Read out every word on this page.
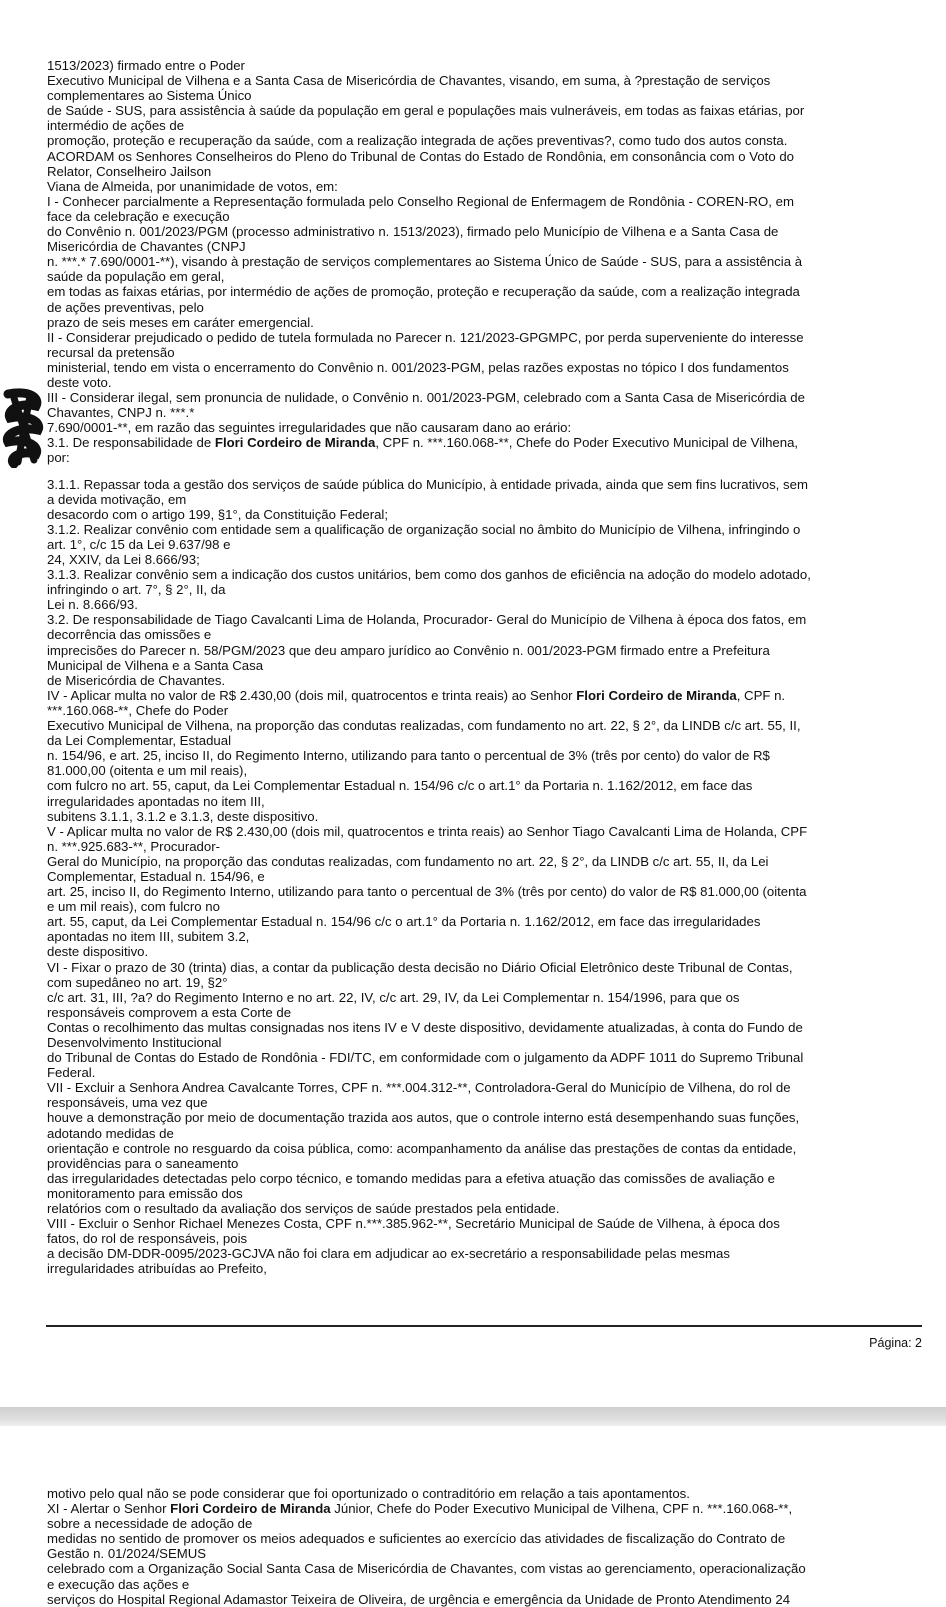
1513/2023) firmado entre o Poder
Executivo Municipal de Vilhena e a Santa Casa de Misericórdia de Chavantes, visando, em suma, à ?prestação de serviços
complementares ao Sistema Único
de Saúde - SUS, para assistência à saúde da população em geral e populações mais vulneráveis, em todas as faixas etárias, por
intermédio de ações de
promoção, proteção e recuperação da saúde, com a realização integrada de ações preventivas?, como tudo dos autos consta.
ACORDAM os Senhores Conselheiros do Pleno do Tribunal de Contas do Estado de Rondônia, em consonância com o Voto do
Relator, Conselheiro Jailson
Viana de Almeida, por unanimidade de votos, em:
I - Conhecer parcialmente a Representação formulada pelo Conselho Regional de Enfermagem de Rondônia - COREN-RO, em
face da celebração e execução
do Convênio n. 001/2023/PGM (processo administrativo n. 1513/2023), firmado pelo Município de Vilhena e a Santa Casa de
Misericórdia de Chavantes (CNPJ
n. ***.* 7.690/0001-**), visando à prestação de serviços complementares ao Sistema Único de Saúde - SUS, para a assistência à
saúde da população em geral,
em todas as faixas etárias, por intermédio de ações de promoção, proteção e recuperação da saúde, com a realização integrada
de ações preventivas, pelo
prazo de seis meses em caráter emergencial.
II - Considerar prejudicado o pedido de tutela formulada no Parecer n. 121/2023-GPGMPC, por perda superveniente do interesse
recursal da pretensão
ministerial, tendo em vista o encerramento do Convênio n. 001/2023-PGM, pelas razões expostas no tópico I dos fundamentos
deste voto.
III - Considerar ilegal, sem pronuncia de nulidade, o Convênio n. 001/2023-PGM, celebrado com a Santa Casa de Misericórdia de
Chavantes, CNPJ n. ***.*
7.690/0001-**, em razão das seguintes irregularidades que não causaram dano ao erário:
3.1. De responsabilidade de Flori Cordeiro de Miranda, CPF n. ***.160.068-**, Chefe do Poder Executivo Municipal de Vilhena,
por:
3.1.1. Repassar toda a gestão dos serviços de saúde pública do Município, à entidade privada, ainda que sem fins lucrativos, sem
a devida motivação, em
desacordo com o artigo 199, §1°, da Constituição Federal;
3.1.2. Realizar convênio com entidade sem a qualificação de organização social no âmbito do Município de Vilhena, infringindo o
art. 1°, c/c 15 da Lei 9.637/98 e
24, XXIV, da Lei 8.666/93;
3.1.3. Realizar convênio sem a indicação dos custos unitários, bem como dos ganhos de eficiência na adoção do modelo adotado,
infringindo o art. 7°, § 2°, II, da
Lei n. 8.666/93.
3.2. De responsabilidade de Tiago Cavalcanti Lima de Holanda, Procurador- Geral do Município de Vilhena à época dos fatos, em
decorrência das omissões e
imprecisões do Parecer n. 58/PGM/2023 que deu amparo jurídico ao Convênio n. 001/2023-PGM firmado entre a Prefeitura
Municipal de Vilhena e a Santa Casa
de Misericórdia de Chavantes.
IV - Aplicar multa no valor de R$ 2.430,00 (dois mil, quatrocentos e trinta reais) ao Senhor Flori Cordeiro de Miranda, CPF n.
***.160.068-**, Chefe do Poder
Executivo Municipal de Vilhena, na proporção das condutas realizadas, com fundamento no art. 22, § 2°, da LINDB c/c art. 55, II,
da Lei Complementar, Estadual
n. 154/96, e art. 25, inciso II, do Regimento Interno, utilizando para tanto o percentual de 3% (três por cento) do valor de R$
81.000,00 (oitenta e um mil reais),
com fulcro no art. 55, caput, da Lei Complementar Estadual n. 154/96 c/c o art.1° da Portaria n. 1.162/2012, em face das
irregularidades apontadas no item III,
subitens 3.1.1, 3.1.2 e 3.1.3, deste dispositivo.
V - Aplicar multa no valor de R$ 2.430,00 (dois mil, quatrocentos e trinta reais) ao Senhor Tiago Cavalcanti Lima de Holanda, CPF
n. ***.925.683-**, Procurador-
Geral do Município, na proporção das condutas realizadas, com fundamento no art. 22, § 2°, da LINDB c/c art. 55, II, da Lei
Complementar, Estadual n. 154/96, e
art. 25, inciso II, do Regimento Interno, utilizando para tanto o percentual de 3% (três por cento) do valor de R$ 81.000,00 (oitenta
e um mil reais), com fulcro no
art. 55, caput, da Lei Complementar Estadual n. 154/96 c/c o art.1° da Portaria n. 1.162/2012, em face das irregularidades
apontadas no item III, subitem 3.2,
deste dispositivo.
VI - Fixar o prazo de 30 (trinta) dias, a contar da publicação desta decisão no Diário Oficial Eletrônico deste Tribunal de Contas,
com supedâneo no art. 19, §2°
c/c art. 31, III, ?a? do Regimento Interno e no art. 22, IV, c/c art. 29, IV, da Lei Complementar n. 154/1996, para que os
responsáveis comprovem a esta Corte de
Contas o recolhimento das multas consignadas nos itens IV e V deste dispositivo, devidamente atualizadas, à conta do Fundo de
Desenvolvimento Institucional
do Tribunal de Contas do Estado de Rondônia - FDI/TC, em conformidade com o julgamento da ADPF 1011 do Supremo Tribunal
Federal.
VII - Excluir a Senhora Andrea Cavalcante Torres, CPF n. ***.004.312-**, Controladora-Geral do Município de Vilhena, do rol de
responsáveis, uma vez que
houve a demonstração por meio de documentação trazida aos autos, que o controle interno está desempenhando suas funções,
adotando medidas de
orientação e controle no resguardo da coisa pública, como: acompanhamento da análise das prestações de contas da entidade,
providências para o saneamento
das irregularidades detectadas pelo corpo técnico, e tomando medidas para a efetiva atuação das comissões de avaliação e
monitoramento para emissão dos
relatórios com o resultado da avaliação dos serviços de saúde prestados pela entidade.
VIII - Excluir o Senhor Richael Menezes Costa, CPF n.***.385.962-**, Secretário Municipal de Saúde de Vilhena, à época dos
fatos, do rol de responsáveis, pois
a decisão DM-DDR-0095/2023-GCJVA não foi clara em adjudicar ao ex-secretário a responsabilidade pelas mesmas
irregularidades atribuídas ao Prefeito,
Página: 2
motivo pelo qual não se pode considerar que foi oportunizado o contraditório em relação a tais apontamentos.
XI - Alertar o Senhor Flori Cordeiro de Miranda Júnior, Chefe do Poder Executivo Municipal de Vilhena, CPF n. ***.160.068-**,
sobre a necessidade de adoção de
medidas no sentido de promover os meios adequados e suficientes ao exercício das atividades de fiscalização do Contrato de
Gestão n. 01/2024/SEMUS
celebrado com a Organização Social Santa Casa de Misericórdia de Chavantes, com vistas ao gerenciamento, operacionalização
e execução das ações e
serviços do Hospital Regional Adamastor Teixeira de Oliveira, de urgência e emergência da Unidade de Pronto Atendimento 24
